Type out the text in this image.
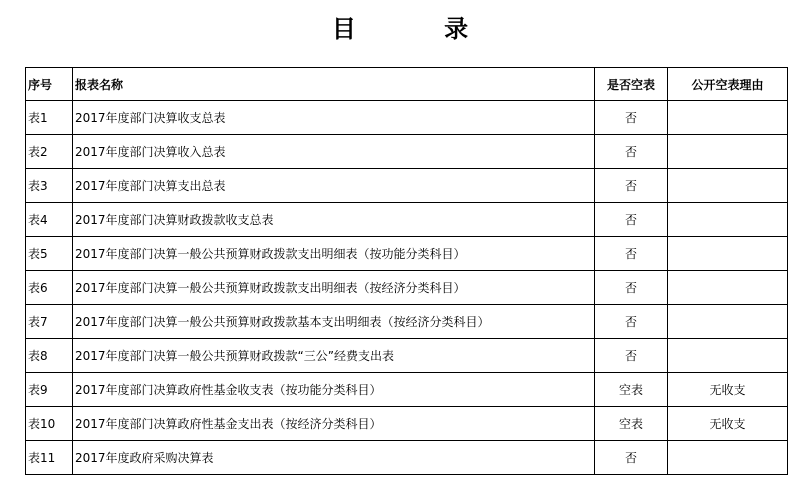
目 录
序号	报表名称	是否空表	公开空表理由
表1	2017年度部门决算收支总表	否	
表2	2017年度部门决算收入总表	否	
表3	2017年度部门决算支出总表	否	
表4	2017年度部门决算财政拨款收支总表	否	
表5	2017年度部门决算一般公共预算财政拨款支出明细表（按功能分类科目）	否	
表6	2017年度部门决算一般公共预算财政拨款支出明细表（按经济分类科目）	否	
表7	2017年度部门决算一般公共预算财政拨款基本支出明细表（按经济分类科目）	否	
表8	2017年度部门决算一般公共预算财政拨款“三公”经费支出表	否	
表9	2017年度部门决算政府性基金收支表（按功能分类科目）	空表	无收支
表10	2017年度部门决算政府性基金支出表（按经济分类科目）	空表	无收支
表11	2017年度政府采购决算表	否	
